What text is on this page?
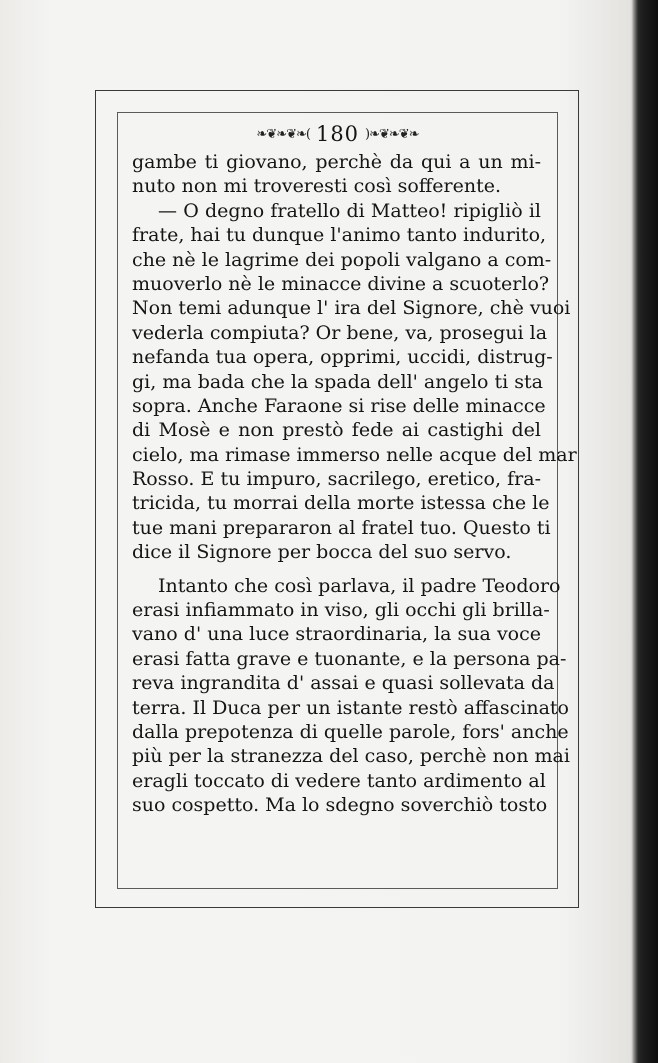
❧❦❧❦❧( 180 )❧❦❧❦❧
gambe ti giovano, perchè da qui a un mi-
nuto non mi troveresti così sofferente.
— O degno fratello di Matteo! ripigliò il
frate, hai tu dunque l'animo tanto indurito,
che nè le lagrime dei popoli valgano a com-
muoverlo nè le minacce divine a scuoterlo?
Non temi adunque l' ira del Signore, chè vuoi
vederla compiuta? Or bene, va, prosegui la
nefanda tua opera, opprimi, uccidi, distrug-
gi, ma bada che la spada dell' angelo ti sta
sopra. Anche Faraone si rise delle minacce
di Mosè e non prestò fede ai castighi del
cielo, ma rimase immerso nelle acque del mar
Rosso. E tu impuro, sacrilego, eretico, fra-
tricida, tu morrai della morte istessa che le
tue mani prepararon al fratel tuo. Questo ti
dice il Signore per bocca del suo servo.
Intanto che così parlava, il padre Teodoro
erasi infiammato in viso, gli occhi gli brilla-
vano d' una luce straordinaria, la sua voce
erasi fatta grave e tuonante, e la persona pa-
reva ingrandita d' assai e quasi sollevata da
terra. Il Duca per un istante restò affascinato
dalla prepotenza di quelle parole, fors' anche
più per la stranezza del caso, perchè non mai
eragli toccato di vedere tanto ardimento al
suo cospetto. Ma lo sdegno soverchiò tosto
